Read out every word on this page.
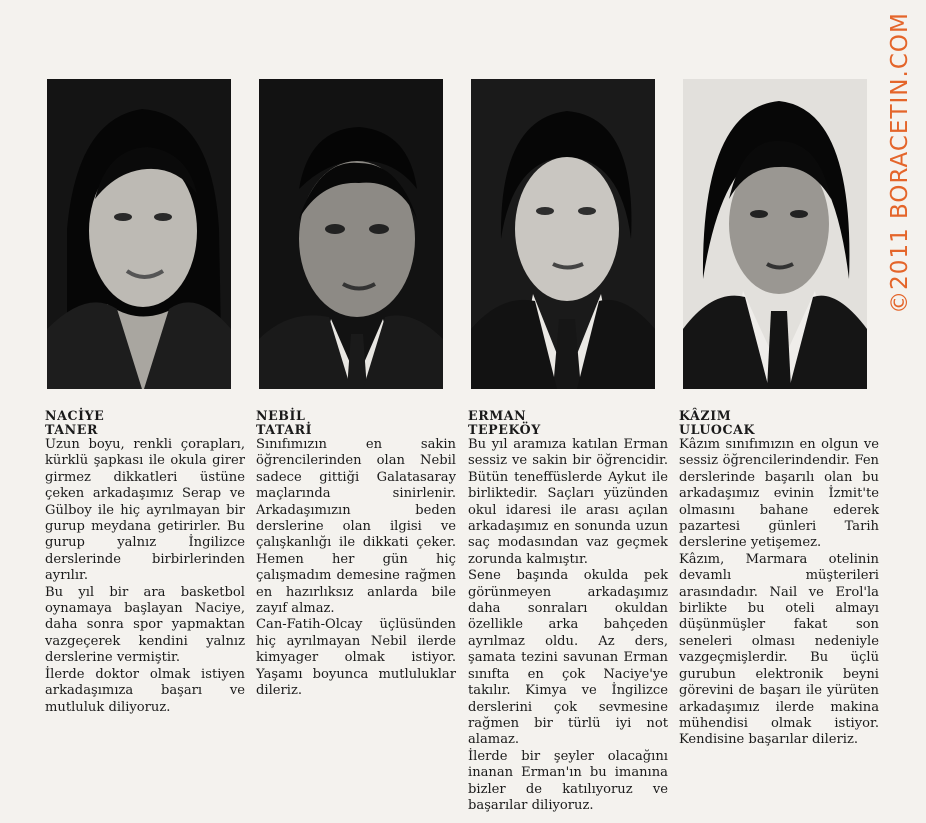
©2011 BORACETIN.COM
NACİYE
TANER

Uzun boyu, renkli çorapları, kürklü şapkası ile okula girer girmez dikkatleri üstüne çeken arkadaşımız Serap ve Gülboy ile hiç ayrılmayan bir gurup meydana getirirler. Bu gurup yalnız İngilizce derslerinde birbirlerinden ayrılır.

Bu yıl bir ara basketbol oynamaya başlayan Naciye, daha sonra spor yapmaktan vazgeçerek kendini yalnız derslerine vermiştir.

İlerde doktor olmak istiyen arkadaşımıza başarı ve mutluluk diliyoruz.

NEBİL
TATARİ

Sınıfımızın en sakin öğrencilerinden olan Nebil sadece gittiği Galatasaray maçlarında sinirlenir. Arkadaşımızın beden derslerine olan ilgisi ve çalışkanlığı ile dikkati çeker. Hemen her gün hiç çalışmadım demesine rağmen en hazırlıksız anlarda bile zayıf almaz.

Can-Fatih-Olcay üçlüsünden hiç ayrılmayan Nebil ilerde kimyager olmak istiyor. Yaşamı boyunca mutluluklar dileriz.

ERMAN
TEPEKÖY

Bu yıl aramıza katılan Erman sessiz ve sakin bir öğrencidir. Bütün teneffüslerde Aykut ile birliktedir. Saçları yüzünden okul idaresi ile arası açılan arkadaşımız en sonunda uzun saç modasından vaz geçmek zorunda kalmıştır.

Sene başında okulda pek görünmeyen arkadaşımız daha sonraları okuldan özellikle arka bahçeden ayrılmaz oldu. Az ders, şamata tezini savunan Erman sınıfta en çok Naciye'ye takılır. Kimya ve İngilizce derslerini çok sevmesine rağmen bir türlü iyi not alamaz.

İlerde bir şeyler olacağını inanan Erman'ın bu imanına bizler de katılıyoruz ve başarılar diliyoruz.

KÂZIM
ULUOCAK

Kâzım sınıfımızın en olgun ve sessiz öğrencilerindendir. Fen derslerinde başarılı olan bu arkadaşımız evinin İzmit'te olmasını bahane ederek pazartesi günleri Tarih derslerine yetişemez.

Kâzım, Marmara otelinin devamlı müşterileri arasındadır. Nail ve Erol'la birlikte bu oteli almayı düşünmüşler fakat son seneleri olması nedeniyle vazgeçmişlerdir. Bu üçlü gurubun elektronik beyni görevini de başarı ile yürüten arkadaşımız ilerde makina mühendisi olmak istiyor. Kendisine başarılar dileriz.
